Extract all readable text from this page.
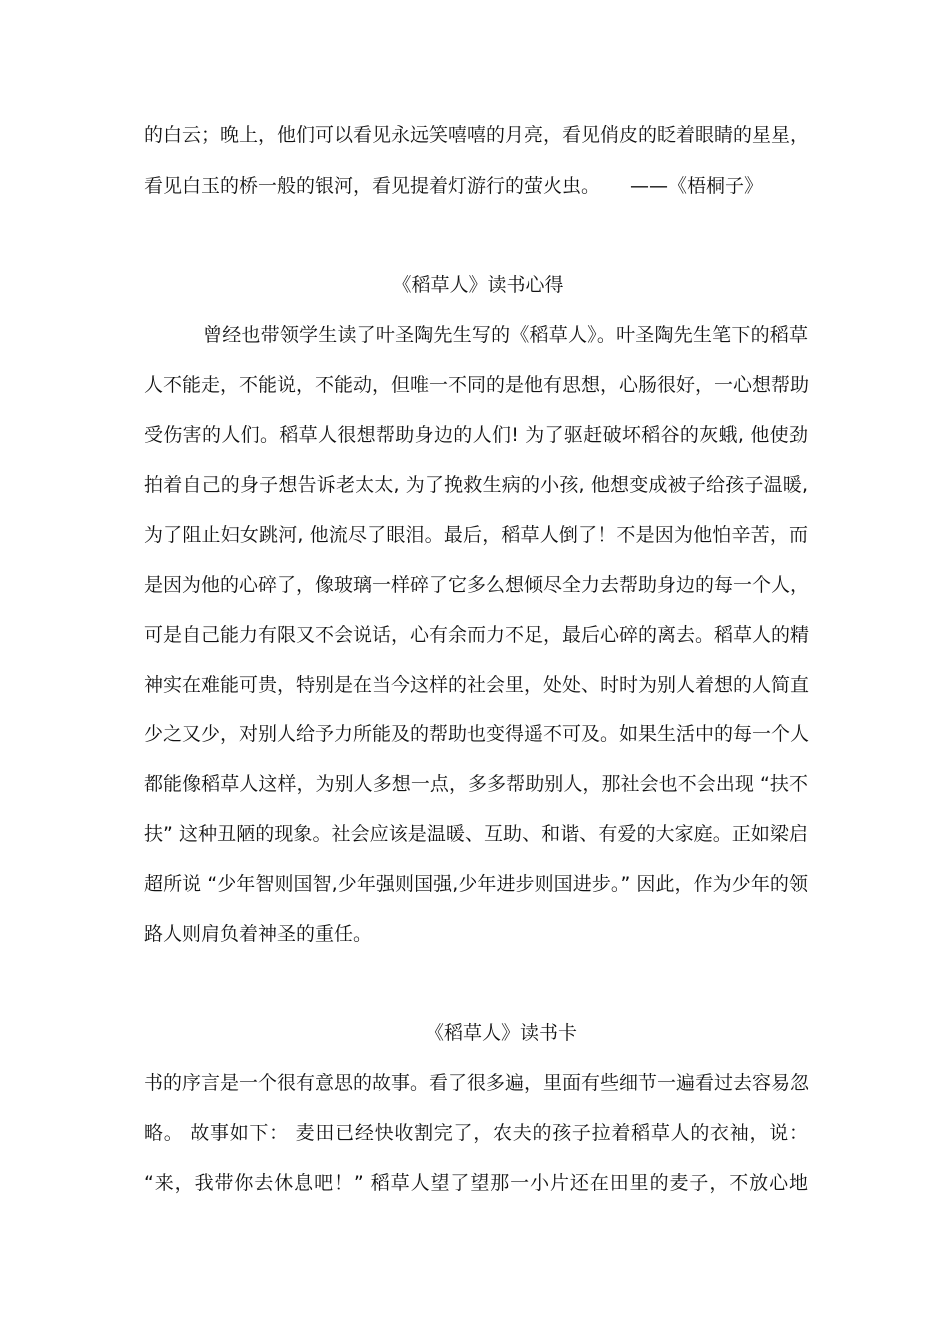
的白云；晚上，他们可以看见永远笑嘻嘻的月亮，看见俏皮的眨着眼睛的星星，
看见白玉的桥一般的银河，看见提着灯游行的萤火虫。 ——《梧桐子》
《稻草人》读书心得
曾经也带领学生读了叶圣陶先生写的《稻草人》。叶圣陶先生笔下的稻草
人不能走，不能说，不能动，但唯一不同的是他有思想，心肠很好，一心想帮助
受伤害的人们。稻草人很想帮助身边的人们! 为了驱赶破坏稻谷的灰蛾, 他使劲
拍着自己的身子想告诉老太太, 为了挽救生病的小孩, 他想变成被子给孩子温暖,
为了阻止妇女跳河, 他流尽了眼泪。最后，稻草人倒了！不是因为他怕辛苦，而
是因为他的心碎了，像玻璃一样碎了它多么想倾尽全力去帮助身边的每一个人，
可是自己能力有限又不会说话，心有余而力不足，最后心碎的离去。稻草人的精
神实在难能可贵，特别是在当今这样的社会里，处处、时时为别人着想的人简直
少之又少，对别人给予力所能及的帮助也变得遥不可及。如果生活中的每一个人
都能像稻草人这样，为别人多想一点，多多帮助别人，那社会也不会出现 “扶不
扶” 这种丑陋的现象。社会应该是温暖、互助、和谐、有爱的大家庭。正如梁启
超所说 “少年智则国智,少年强则国强,少年进步则国进步。” 因此，作为少年的领
路人则肩负着神圣的重任。
《稻草人》读书卡
书的序言是一个很有意思的故事。看了很多遍，里面有些细节一遍看过去容易忽
略。 故事如下： 麦田已经快收割完了，农夫的孩子拉着稻草人的衣袖，说：
“来，我带你去休息吧！” 稻草人望了望那一小片还在田里的麦子，不放心地
